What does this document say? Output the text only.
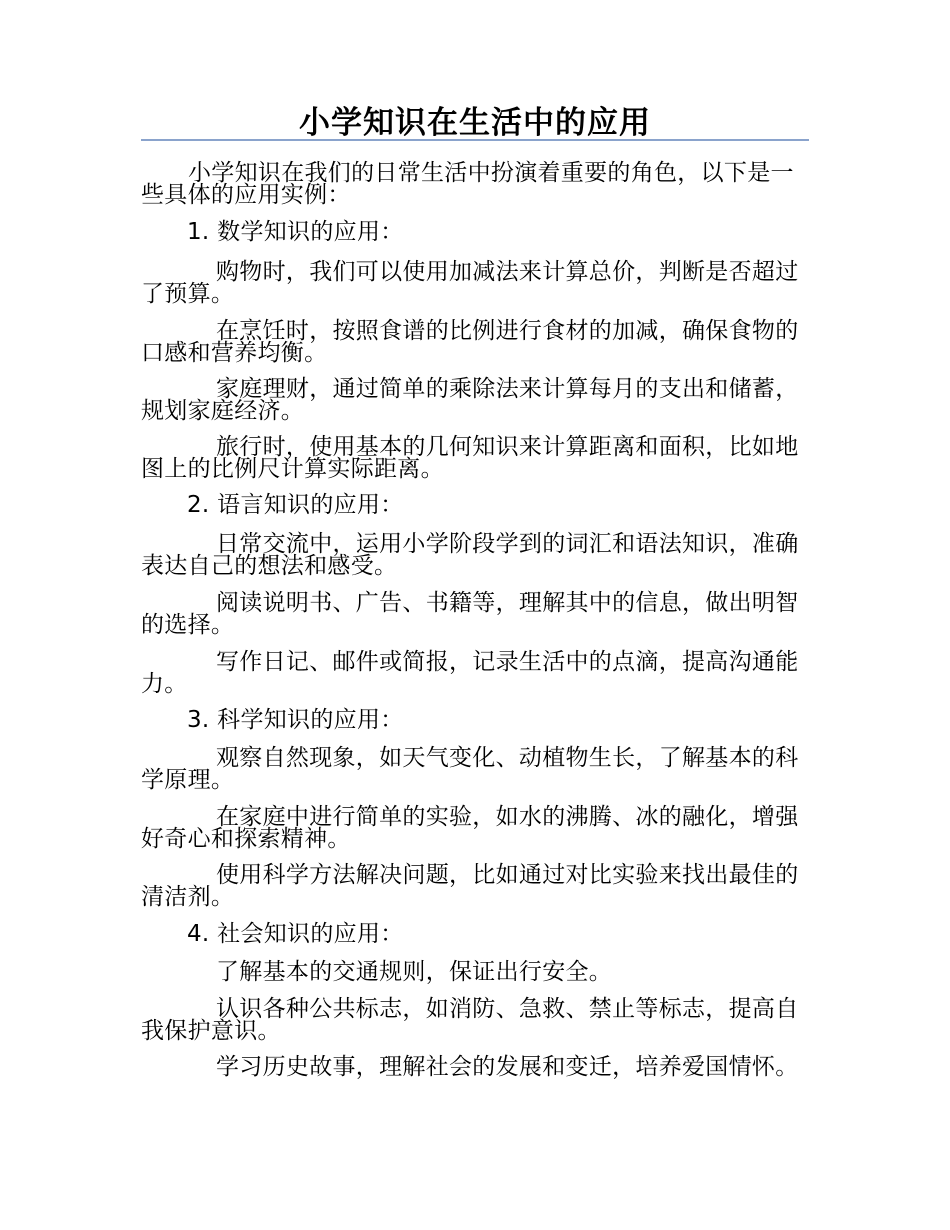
小学知识在生活中的应用

小学知识在我们的日常生活中扮演着重要的角色，以下是一些具体的应用实例：

1. 数学知识的应用：

购物时，我们可以使用加减法来计算总价，判断是否超过了预算。

在烹饪时，按照食谱的比例进行食材的加减，确保食物的口感和营养均衡。

家庭理财，通过简单的乘除法来计算每月的支出和储蓄，规划家庭经济。

旅行时，使用基本的几何知识来计算距离和面积，比如地图上的比例尺计算实际距离。

2. 语言知识的应用：

日常交流中，运用小学阶段学到的词汇和语法知识，准确表达自己的想法和感受。

阅读说明书、广告、书籍等，理解其中的信息，做出明智的选择。

写作日记、邮件或简报，记录生活中的点滴，提高沟通能力。

3. 科学知识的应用：

观察自然现象，如天气变化、动植物生长，了解基本的科学原理。

在家庭中进行简单的实验，如水的沸腾、冰的融化，增强好奇心和探索精神。

使用科学方法解决问题，比如通过对比实验来找出最佳的清洁剂。

4. 社会知识的应用：

了解基本的交通规则，保证出行安全。

认识各种公共标志，如消防、急救、禁止等标志，提高自我保护意识。

学习历史故事，理解社会的发展和变迁，培养爱国情怀。
